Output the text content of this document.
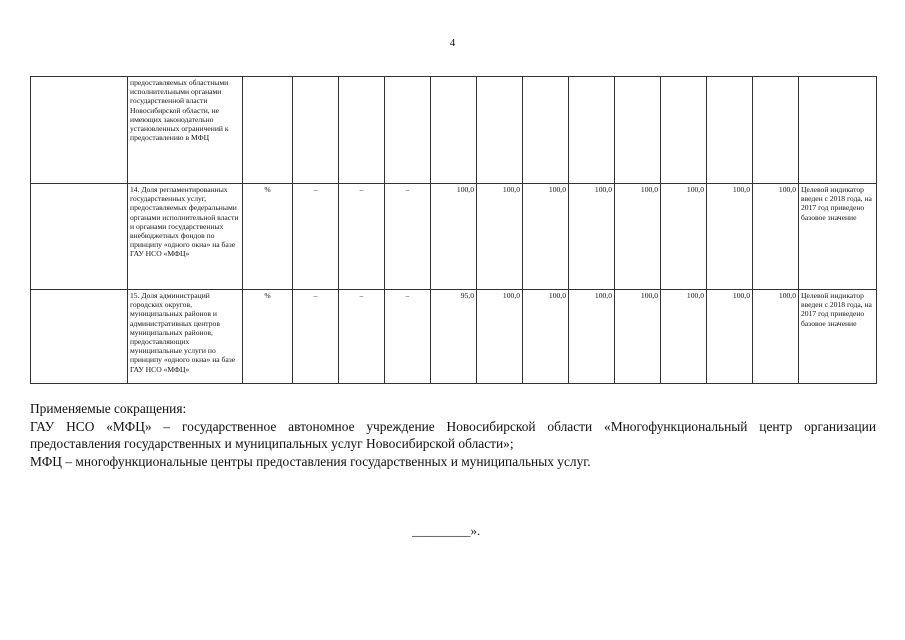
4
	предоставляемых областными исполнительными органами государственной власти Новосибирской области, не имеющих законодательно установленных ограничений к предоставлению в МФЦ													
	14. Доля регламентированных государственных услуг, предоставляемых федеральными органами исполнительной власти и органами государственных внебюджетных фондов по принципу «одного окна» на базе ГАУ НСО «МФЦ»	%	–	–	–	100,0	100,0	100,0	100,0	100,0	100,0	100,0	100,0	Целевой индикатор введен с 2018 года, на 2017 год приведено базовое значение
	15. Доля администраций городских округов, муниципальных районов и административных центров муниципальных районов, предоставляющих муниципальные услуги по принципу «одного окна» на базе ГАУ НСО «МФЦ»	%	–	–	–	95,0	100,0	100,0	100,0	100,0	100,0	100,0	100,0	Целевой индикатор введен с 2018 года, на 2017 год приведено базовое значение

Применяемые сокращения:

ГАУ НСО «МФЦ» – государственное автономное учреждение Новосибирской области «Многофункциональный центр организации предоставления государственных и муниципальных услуг Новосибирской области»;

МФЦ – многофункциональные центры предоставления государственных и муниципальных услуг.

_________».
